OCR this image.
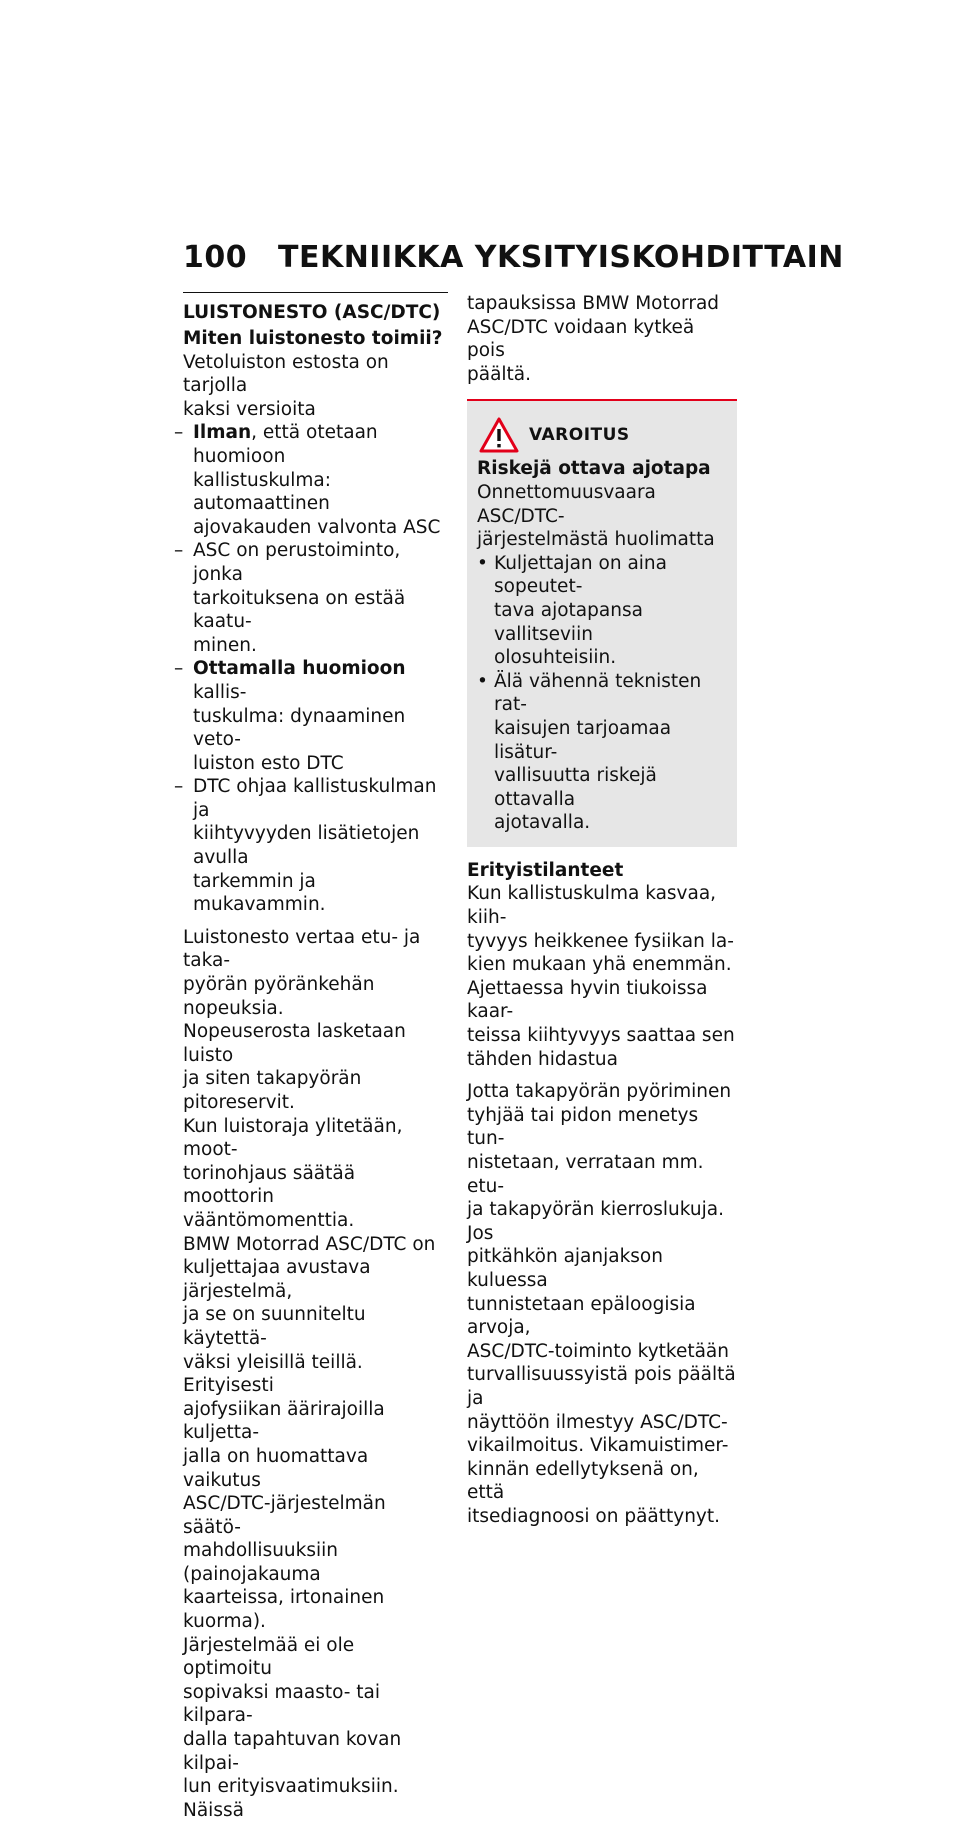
100 TEKNIIKKA YKSITYISKOHDITTAIN
LUISTONESTO (ASC/DTC)
Miten luistonesto toimii?

Vetoluiston estosta on tarjolla
kaksi versioita

– Ilman, että otetaan huomioon
kallistuskulma: automaattinen
ajovakauden valvonta ASC
– ASC on perustoiminto, jonka
tarkoituksena on estää kaatu-
minen.
– Ottamalla huomioon kallis-
tuskulma: dynaaminen veto-
luiston esto DTC
– DTC ohjaa kallistuskulman ja
kiihtyvyyden lisätietojen avulla
tarkemmin ja mukavammin.

Luistonesto vertaa etu- ja taka-
pyörän pyöränkehän nopeuksia.
Nopeuserosta lasketaan luisto
ja siten takapyörän pitoreservit.
Kun luistoraja ylitetään, moot-
torinohjaus säätää moottorin
vääntömomenttia.

BMW Motorrad ASC/DTC on
kuljettajaa avustava järjestelmä,
ja se on suunniteltu käytettä-
väksi yleisillä teillä. Erityisesti
ajofysiikan äärirajoilla kuljetta-
jalla on huomattava vaikutus
ASC/DTC-järjestelmän säätö-
mahdollisuuksiin (painojakauma
kaarteissa, irtonainen kuorma).

Järjestelmää ei ole optimoitu
sopivaksi maasto- tai kilpara-
dalla tapahtuvan kovan kilpai-
lun erityisvaatimuksiin. Näissä

tapauksissa BMW Motorrad
ASC/DTC voidaan kytkeä pois
päältä.

VAROITUS
Riskejä ottava ajotapa

Onnettomuusvaara ASC/DTC-
järjestelmästä huolimatta

• Kuljettajan on aina sopeutet-
tava ajotapansa vallitseviin
olosuhteisiin.
• Älä vähennä teknisten rat-
kaisujen tarjoamaa lisätur-
vallisuutta riskejä ottavalla
ajotavalla.
Erityistilanteet

Kun kallistuskulma kasvaa, kiih-
tyvyys heikkenee fysiikan la-
kien mukaan yhä enemmän.
Ajettaessa hyvin tiukoissa kaar-
teissa kiihtyvyys saattaa sen
tähden hidastua

Jotta takapyörän pyöriminen
tyhjää tai pidon menetys tun-
nistetaan, verrataan mm. etu-
ja takapyörän kierroslukuja. Jos
pitkähkön ajanjakson kuluessa
tunnistetaan epäloogisia arvoja,
ASC/DTC-toiminto kytketään
turvallisuussyistä pois päältä ja
näyttöön ilmestyy ASC/DTC-
vikailmoitus. Vikamuistimer-
kinnän edellytyksenä on, että
itsediagnoosi on päättynyt.
